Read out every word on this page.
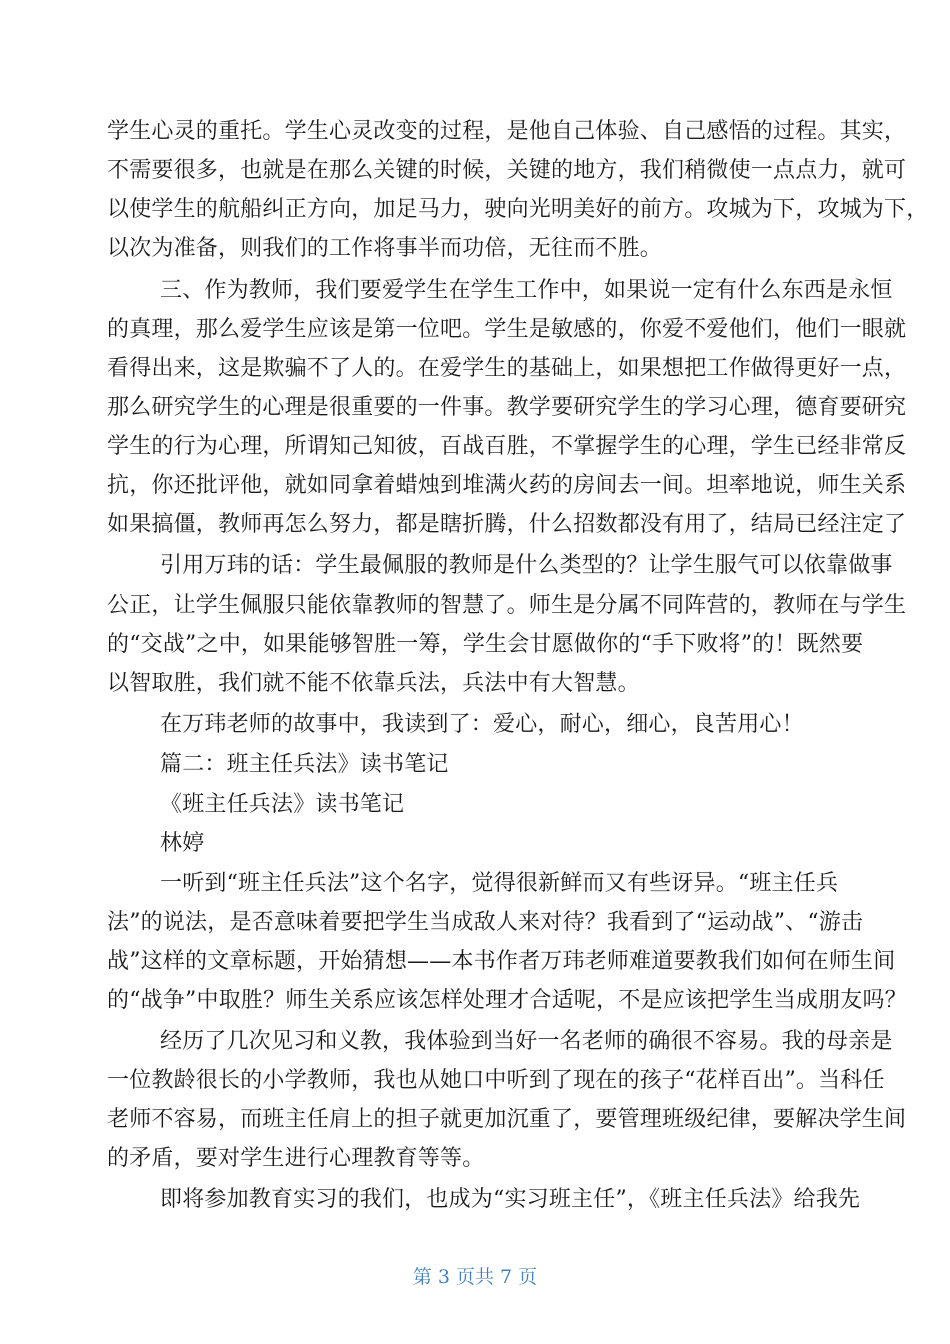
学生心灵的重托。学生心灵改变的过程，是他自己体验、自己感悟的过程。其实，
不需要很多，也就是在那么关键的时候，关键的地方，我们稍微使一点点力，就可
以使学生的航船纠正方向，加足马力，驶向光明美好的前方。攻城为下，攻城为下，
以次为准备，则我们的工作将事半而功倍，无往而不胜。
三、作为教师，我们要爱学生在学生工作中，如果说一定有什么东西是永恒
的真理，那么爱学生应该是第一位吧。学生是敏感的，你爱不爱他们，他们一眼就
看得出来，这是欺骗不了人的。在爱学生的基础上，如果想把工作做得更好一点，
那么研究学生的心理是很重要的一件事。教学要研究学生的学习心理，德育要研究
学生的行为心理，所谓知己知彼，百战百胜，不掌握学生的心理，学生已经非常反
抗，你还批评他，就如同拿着蜡烛到堆满火药的房间去一间。坦率地说，师生关系
如果搞僵，教师再怎么努力，都是瞎折腾，什么招数都没有用了，结局已经注定了
引用万玮的话：学生最佩服的教师是什么类型的？让学生服气可以依靠做事
公正，让学生佩服只能依靠教师的智慧了。师生是分属不同阵营的，教师在与学生
的“交战”之中，如果能够智胜一筹，学生会甘愿做你的“手下败将”的！既然要
以智取胜，我们就不能不依靠兵法，兵法中有大智慧。
在万玮老师的故事中，我读到了：爱心，耐心，细心，良苦用心！
篇二：班主任兵法》读书笔记
《班主任兵法》读书笔记
林婷
一听到“班主任兵法”这个名字，觉得很新鲜而又有些讶异。“班主任兵
法”的说法，是否意味着要把学生当成敌人来对待？我看到了“运动战”、“游击
战”这样的文章标题，开始猜想——本书作者万玮老师难道要教我们如何在师生间
的“战争”中取胜？师生关系应该怎样处理才合适呢，不是应该把学生当成朋友吗？
经历了几次见习和义教，我体验到当好一名老师的确很不容易。我的母亲是
一位教龄很长的小学教师，我也从她口中听到了现在的孩子“花样百出”。当科任
老师不容易，而班主任肩上的担子就更加沉重了，要管理班级纪律，要解决学生间
的矛盾，要对学生进行心理教育等等。
即将参加教育实习的我们，也成为“实习班主任”，《班主任兵法》给我先
第 3 页共 7 页
